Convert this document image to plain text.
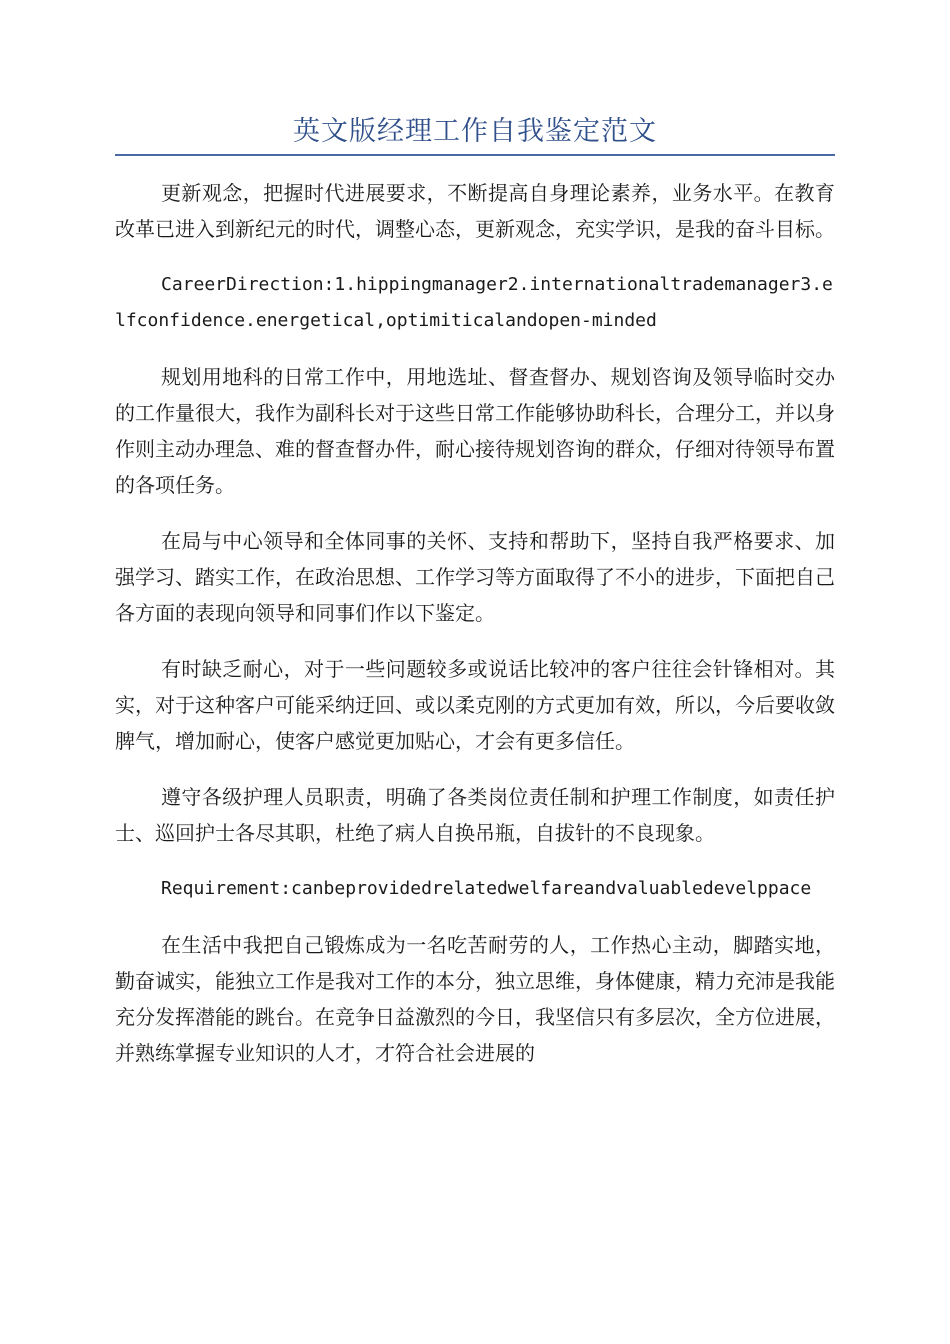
英文版经理工作自我鉴定范文

更新观念，把握时代进展要求，不断提高自身理论素养，业务水平。在教育改革已进入到新纪元的时代，调整心态，更新观念，充实学识，是我的奋斗目标。

CareerDirection:1.hippingmanager2.internationaltrademanager3.elfconfidence.energetical,optimiticalandopen-minded

规划用地科的日常工作中，用地选址、督查督办、规划咨询及领导临时交办的工作量很大，我作为副科长对于这些日常工作能够协助科长，合理分工，并以身作则主动办理急、难的督查督办件，耐心接待规划咨询的群众，仔细对待领导布置的各项任务。

在局与中心领导和全体同事的关怀、支持和帮助下，坚持自我严格要求、加强学习、踏实工作，在政治思想、工作学习等方面取得了不小的进步，下面把自己各方面的表现向领导和同事们作以下鉴定。

有时缺乏耐心，对于一些问题较多或说话比较冲的客户往往会针锋相对。其实，对于这种客户可能采纳迂回、或以柔克刚的方式更加有效，所以，今后要收敛脾气，增加耐心，使客户感觉更加贴心，才会有更多信任。

遵守各级护理人员职责，明确了各类岗位责任制和护理工作制度，如责任护士、巡回护士各尽其职，杜绝了病人自换吊瓶，自拔针的不良现象。

Requirement:canbeprovidedrelatedwelfareandvaluabledevelppace

在生活中我把自己锻炼成为一名吃苦耐劳的人，工作热心主动，脚踏实地，勤奋诚实，能独立工作是我对工作的本分，独立思维，身体健康，精力充沛是我能充分发挥潜能的跳台。在竞争日益激烈的今日，我坚信只有多层次，全方位进展，并熟练掌握专业知识的人才，才符合社会进展的
